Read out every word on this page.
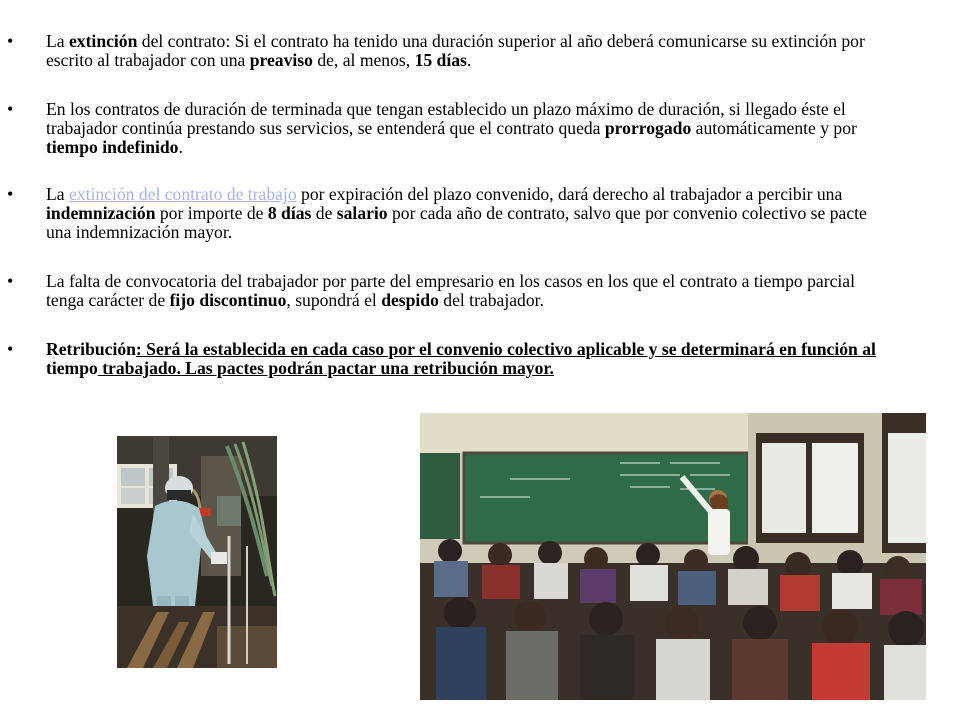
• La extinción del contrato: Si el contrato ha tenido una duración superior al año deberá comunicarse su extinción por escrito al trabajador con una preaviso de, al menos, 15 días.
• En los contratos de duración de terminada que tengan establecido un plazo máximo de duración, si llegado éste el trabajador continúa prestando sus servicios, se entenderá que el contrato queda prorrogado automáticamente y por tiempo indefinido.
• La extinción del contrato de trabajo por expiración del plazo convenido, dará derecho al trabajador a percibir una indemnización por importe de 8 días de salario por cada año de contrato, salvo que por convenio colectivo se pacte una indemnización mayor.
• La falta de convocatoria del trabajador por parte del empresario en los casos en los que el contrato a tiempo parcial tenga carácter de fijo discontinuo, supondrá el despido del trabajador.
• Retribución: Será la establecida en cada caso por el convenio colectivo aplicable y se determinará en función al tiempo trabajado. Las pactes podrán pactar una retribución mayor.
